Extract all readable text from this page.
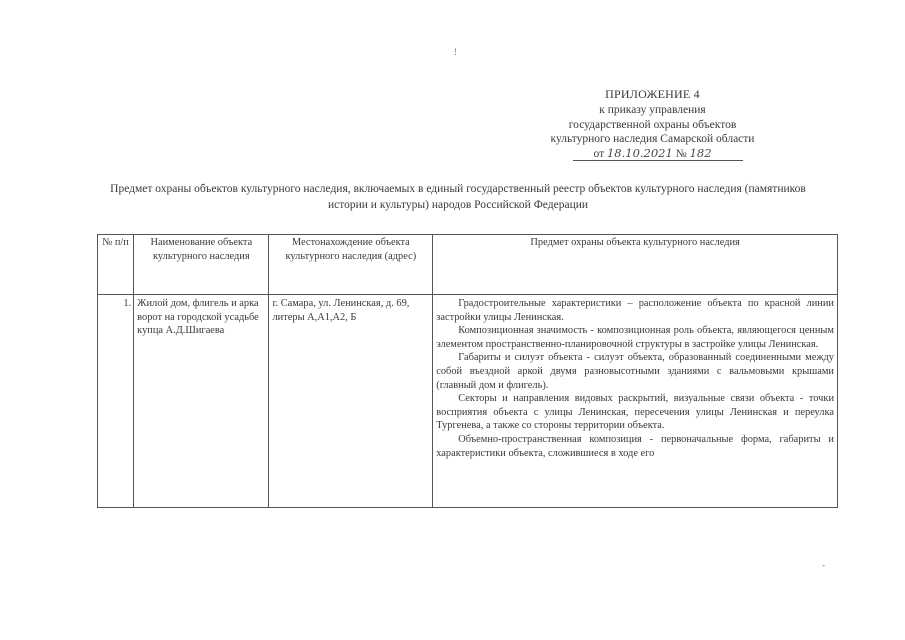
!
ПРИЛОЖЕНИЕ 4
к приказу управления
государственной охраны объектов
культурного наследия Самарской области
от 18.10.2021 № 182
Предмет охраны объектов культурного наследия, включаемых в единый государственный реестр объектов культурного наследия (памятников истории и культуры) народов Российской Федерации
№ п/п	Наименование объекта культурного наследия	Местонахождение объекта культурного наследия (адрес)	Предмет охраны объекта культурного наследия
1.	Жилой дом, флигель и арка ворот на городской усадьбе купца А.Д.Шигаева	г. Самара, ул. Ленинская, д. 69, литеры А,А1,А2, Б	Градостроительные характеристики – расположение объекта по красной линии застройки улицы Ленинская.

Композиционная значимость - композиционная роль объекта, являющегося ценным элементом пространственно-планировочной структуры в застройке улицы Ленинская.

Габариты и силуэт объекта - силуэт объекта, образованный соединенными между собой въездной аркой двумя разновысотными зданиями с вальмовыми крышами (главный дом и флигель).

Секторы и направления видовых раскрытий, визуальные связи объекта - точки восприятия объекта с улицы Ленинская, пересечения улицы Ленинская и переулка Тургенева, а также со стороны территории объекта.

Объемно-пространственная композиция - первоначальные форма, габариты и характеристики объекта, сложившиеся в ходе его

-
